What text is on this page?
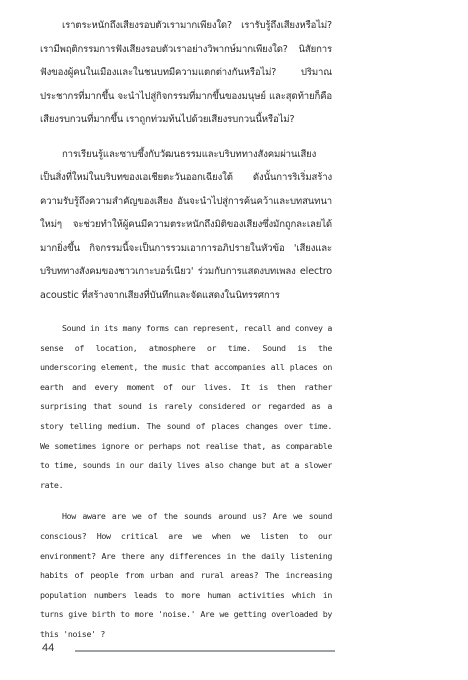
เราตระหนักถึงเสียงรอบตัวเรามากเพียงใด? เรารับรู้ถึงเสียงหรือไม่? เรามีพฤติกรรมการฟังเสียงรอบตัวเราอย่างวิพากษ์มากเพียงใด? นิสัยการฟังของผู้คนในเมืองและในชนบทมีความแตกต่างกันหรือไม่? ปริมาณประชากรที่มากขึ้น จะนำไปสู่กิจกรรมที่มากขึ้นของมนุษย์ และสุดท้ายก็คือเสียงรบกวนที่มากขึ้น เราถูกท่วมท้นไปด้วยเสียงรบกวนนี้หรือไม่?

การเรียนรู้และซาบซึ้งกับวัฒนธรรมและบริบททางสังคมผ่านเสียง เป็นสิ่งที่ใหม่ในบริบทของเอเชียตะวันออกเฉียงใต้ ดังนั้นการริเริ่มสร้างความรับรู้ถึงความสำคัญของเสียง อันจะนำไปสู่การค้นคว้าและบทสนทนาใหม่ๆ จะช่วยทำให้ผู้คนมีความตระหนักถึงมิติของเสียงซึ่งมักถูกละเลยได้มากยิ่งขึ้น กิจกรรมนี้จะเป็นการรวมเอาการอภิปรายในหัวข้อ 'เสียงและบริบททางสังคมของชาวเกาะบอร์เนียว' ร่วมกับการแสดงบทเพลง electro acoustic ที่สร้างจากเสียงที่บันทึกและจัดแสดงในนิทรรศการ

Sound in its many forms can represent, recall and convey a sense of location, atmosphere or time. Sound is the underscoring element, the music that accompanies all places on earth and every moment of our lives. It is then rather surprising that sound is rarely considered or regarded as a story telling medium. The sound of places changes over time. We sometimes ignore or perhaps not realise that, as comparable to time, sounds in our daily lives also change but at a slower rate.

How aware are we of the sounds around us? Are we sound conscious? How critical are we when we listen to our environment? Are there any differences in the daily listening habits of people from urban and rural areas? The increasing population numbers leads to more human activities which in turns give birth to more 'noise.' Are we getting overloaded by this 'noise' ?

44
